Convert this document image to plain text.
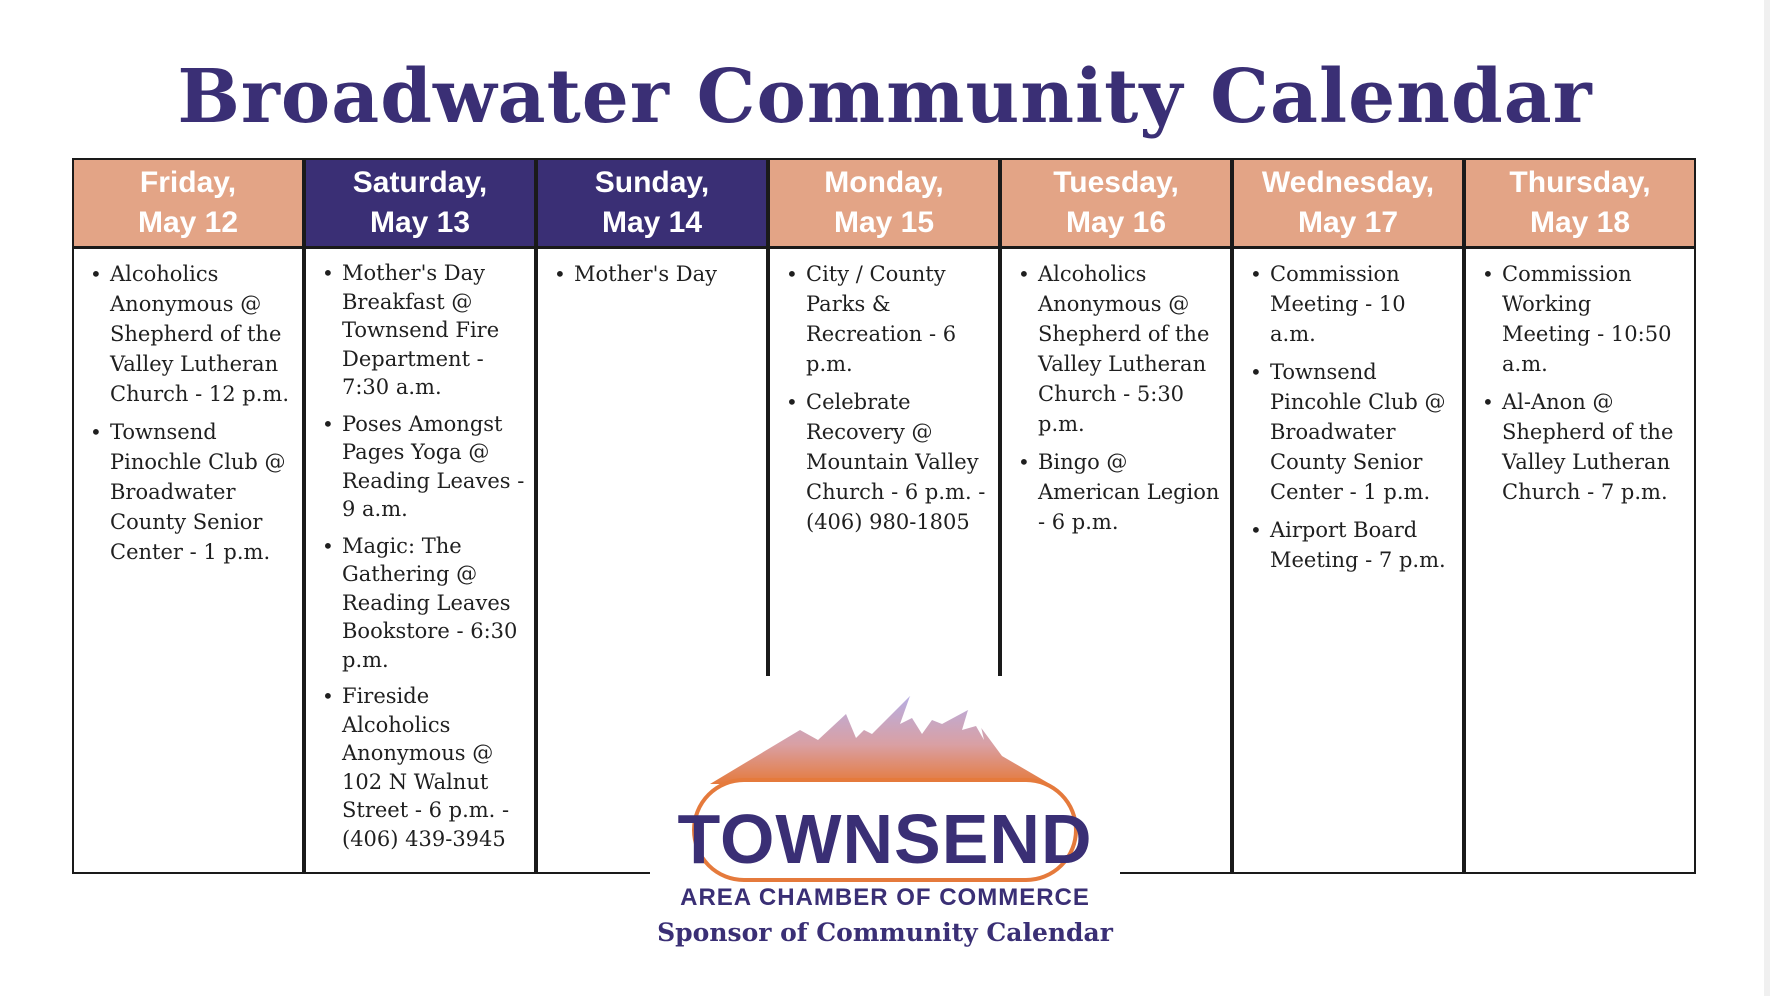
Broadwater Community Calendar
Friday,
May 12
• Alcoholics Anonymous @ Shepherd of the Valley Lutheran Church - 12 p.m.
• Townsend Pinochle Club @ Broadwater County Senior Center - 1 p.m.
Saturday,
May 13
• Mother's Day Breakfast @ Townsend Fire Department - 7:30 a.m.
• Poses Amongst Pages Yoga @ Reading Leaves - 9 a.m.
• Magic: The Gathering @ Reading Leaves Bookstore - 6:30 p.m.
• Fireside Alcoholics Anonymous @ 102 N Walnut Street - 6 p.m. - (406) 439-3945
Sunday,
May 14
• Mother's Day
Monday,
May 15
• City / County Parks & Recreation - 6 p.m.
• Celebrate Recovery @ Mountain Valley Church - 6 p.m. - (406) 980-1805
Tuesday,
May 16
• Alcoholics Anonymous @ Shepherd of the Valley Lutheran Church - 5:30 p.m.
• Bingo @ American Legion - 6 p.m.
Wednesday,
May 17
• Commission Meeting - 10 a.m.
• Townsend Pincohle Club @ Broadwater County Senior Center - 1 p.m.
• Airport Board Meeting - 7 p.m.
Thursday,
May 18
• Commission Working Meeting - 10:50 a.m.
• Al-Anon @ Shepherd of the Valley Lutheran Church - 7 p.m.
TOWNSEND
AREA CHAMBER OF COMMERCE
Sponsor of Community Calendar
